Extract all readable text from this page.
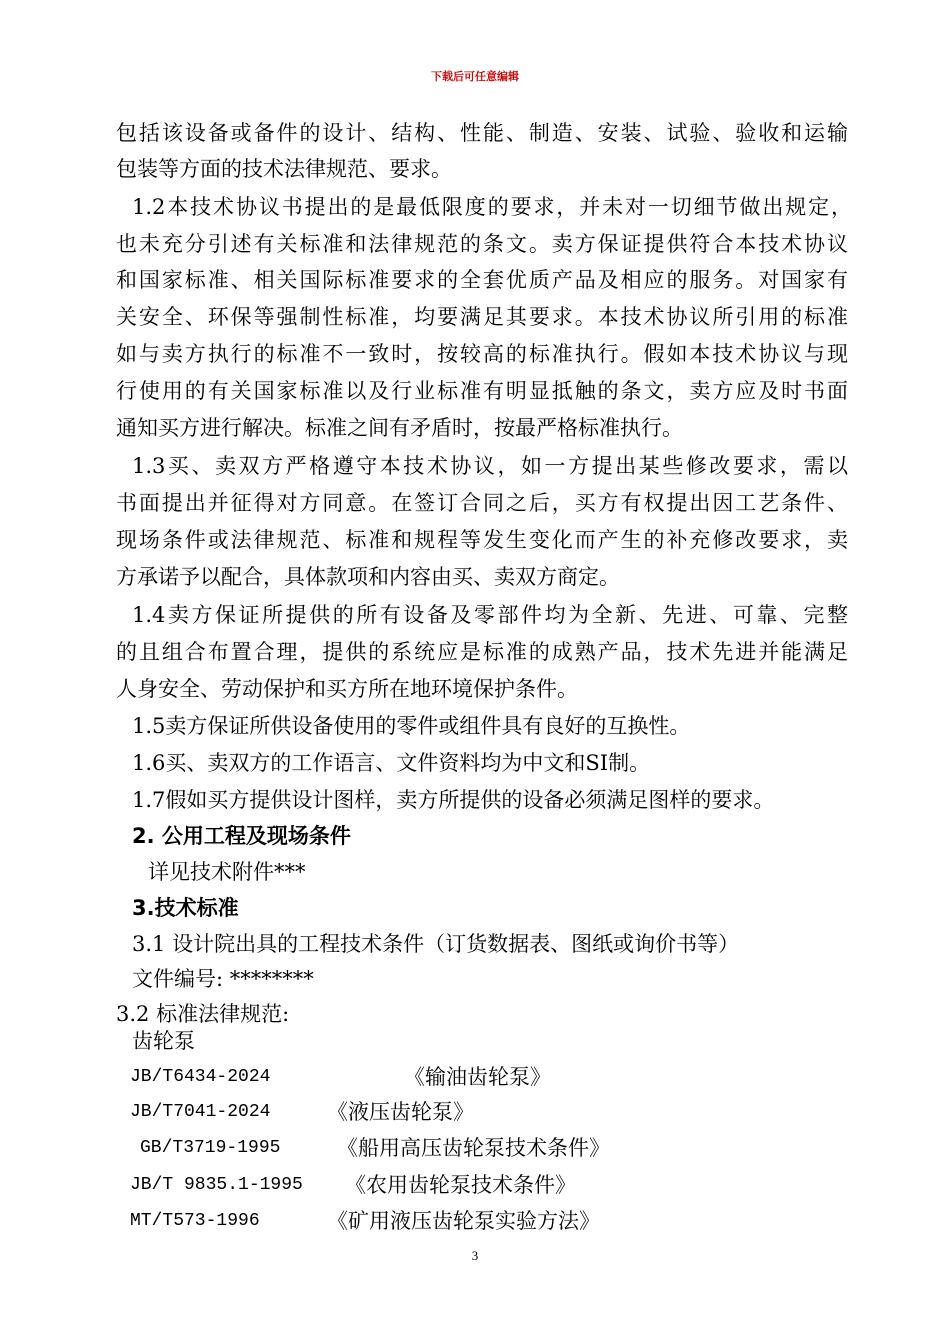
下载后可任意编辑
包括该设备或备件的设计、结构、性能、制造、安装、试验、验收和运输
包装等方面的技术法律规范、要求。
1.2本技术协议书提出的是最低限度的要求，并未对一切细节做出规定，
也未充分引述有关标准和法律规范的条文。卖方保证提供符合本技术协议
和国家标准、相关国际标准要求的全套优质产品及相应的服务。对国家有
关安全、环保等强制性标准，均要满足其要求。本技术协议所引用的标准
如与卖方执行的标准不一致时，按较高的标准执行。假如本技术协议与现
行使用的有关国家标准以及行业标准有明显抵触的条文，卖方应及时书面
通知买方进行解决。标准之间有矛盾时，按最严格标准执行。
1.3买、卖双方严格遵守本技术协议，如一方提出某些修改要求，需以
书面提出并征得对方同意。在签订合同之后，买方有权提出因工艺条件、
现场条件或法律规范、标准和规程等发生变化而产生的补充修改要求，卖
方承诺予以配合，具体款项和内容由买、卖双方商定。
1.4卖方保证所提供的所有设备及零部件均为全新、先进、可靠、完整
的且组合布置合理，提供的系统应是标准的成熟产品，技术先进并能满足
人身安全、劳动保护和买方所在地环境保护条件。
1.5卖方保证所供设备使用的零件或组件具有良好的互换性。
1.6买、卖双方的工作语言、文件资料均为中文和SI制。
1.7假如买方提供设计图样，卖方所提供的设备必须满足图样的要求。
2. 公用工程及现场条件
详见技术附件***
3.技术标准
3.1 设计院出具的工程技术条件（订货数据表、图纸或询价书等）
文件编号: ********
3.2 标准法律规范:
齿轮泵
JB/T6434-2024	《输油齿轮泵》
JB/T7041-2024	《液压齿轮泵》
GB/T3719-1995	《船用高压齿轮泵技术条件》
JB/T 9835.1-1995 《农用齿轮泵技术条件》
MT/T573-1996	《矿用液压齿轮泵实验方法》
3
